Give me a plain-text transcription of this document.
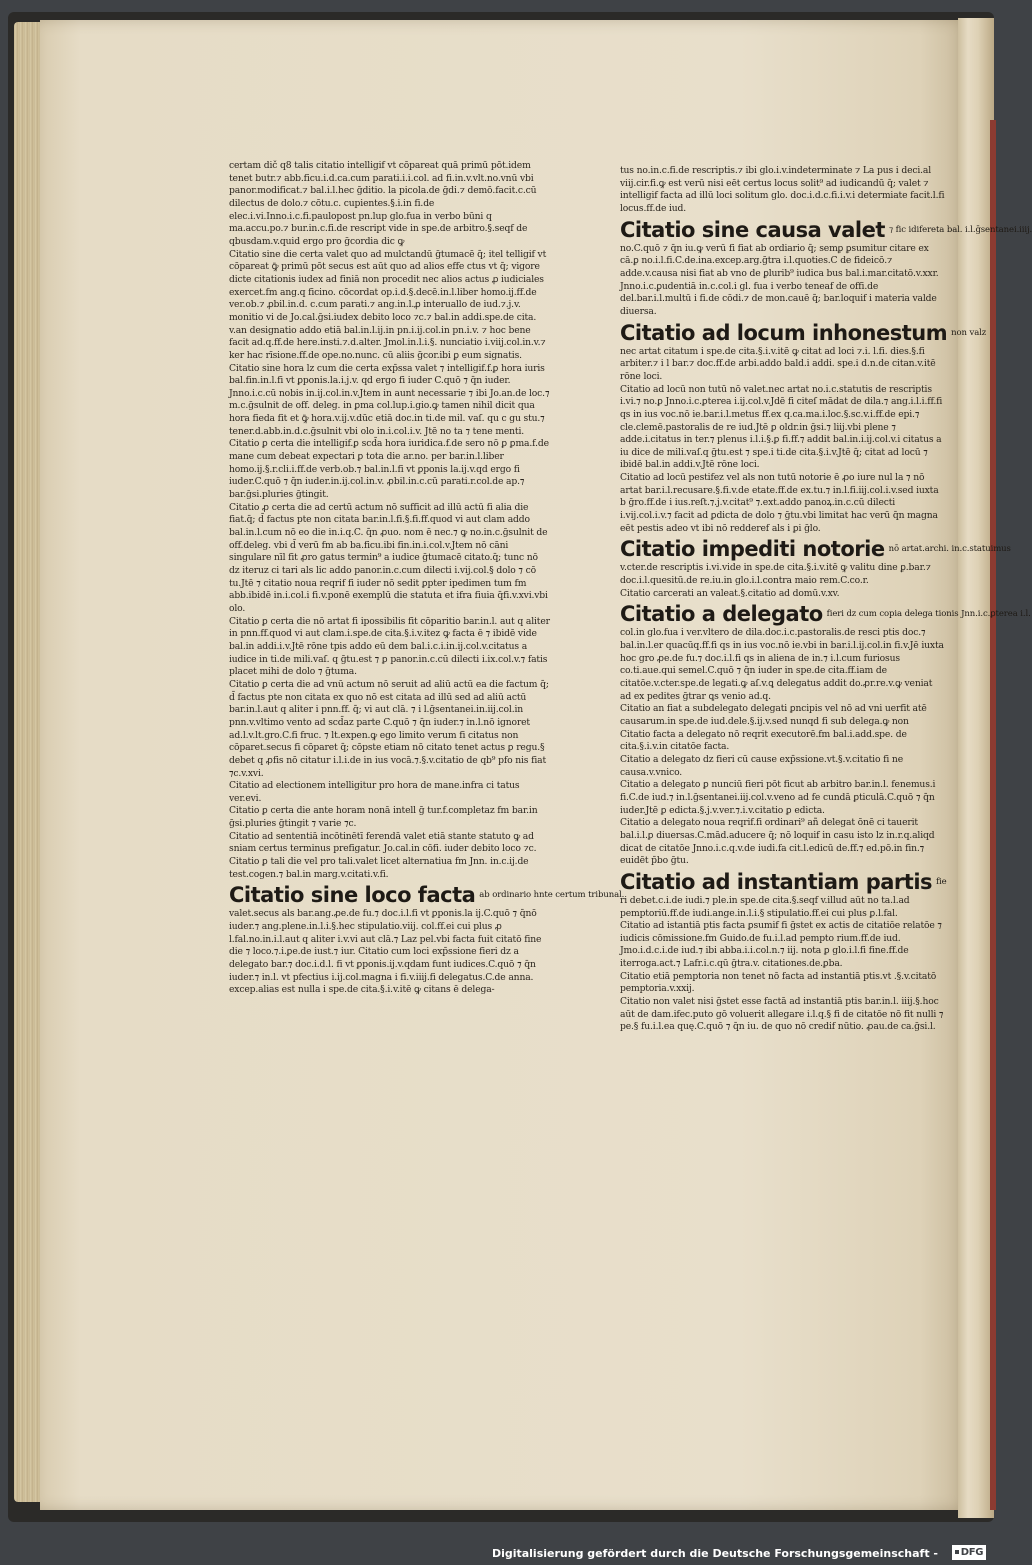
certam dič q8 talis citatio intelligif vt cōpareat quā primū pōt.idem tenet butr.⁊ abb.ficu.i.d.ca.cum parati.i.i.col. ad fi.in.v.vlt.no.vnū vbi panor.modificat.⁊ bal.i.l.hec ḡditio. la picola.de ḡdi.⁊ demō.facit.c.cū dilectus de dolo.⁊ cōtu.c. cupientes.§.i.in fi.de elec.i.vi.Inno.i.c.fi.paulopost pn.lup glo.fua in verbo būni q ma.accu.po.⁊ bur.in.c.fi.de rescript vide in spe.de arbitro.§.seqf de qbusdam.v.quid ergo pro ḡcordia dic ꝙ

Citatio sine die certa valet quo ad mulctandū ḡtumacē q̄; itel telligif vt cōpareat ꝙ̄ primū pōt secus est aūt quo ad alios effe ctus vt q̄; vigore dicte citationis iudex ad finiā non procedit nec alios actus ꝓ iudiciales exercet.fm ang.q ficino. cōcordat op.i.d.§.decē.in.l.liber homo.ij.ff.de ver.ob.⁊ ꝓbil.in.d. c.cum parati.⁊ ang.in.l.ꝓ interuallo de iud.⁊.j.v. monitio vi de Jo.cal.ḡsi.iudex debito loco ⁊c.⁊ bal.in addi.spe.de cita. v.an designatio addo etiā bal.in.l.ij.in pn.i.ij.col.in pn.i.v. ⁊ hoc bene facit ad.q.ff.de here.insti.⁊.d.alter. Jmol.in.l.i.§. nunciatio i.viij.col.in.v.⁊ ker hac rīsione.ff.de ope.no.nunc. cū aliis ḡcor.ibi ꝑ eum signatis.

Citatio sine hora lz cum die certa exp̄ssa valet ⁊ intelligif.f.ꝑ hora iuris bal.fin.in.l.fi vt ꝑponis.la.i.j.v. qd ergo fi iuder C.quō ⁊ q̄n iuder. Jnno.i.c.cū nobis in.ij.col.in.v.Jtem in aunt necessarie ⁊ ibi Jo.an.de loc.⁊ m.c.ḡsulnit de off. deleg. in ꝑma col.lup.i.gio.ꝙ tamen nihil dicit qua hora fieda fit et ꝙ̄ hora.v.ij.v.dūc etiā doc.in ti.de mil. vaſ. qu c gu stu.⁊ tener.d.abb.in.d.c.ḡsulnit vbi olo in.i.col.i.v. Jtē no ta ⁊ tene menti.

Citatio ꝑ certa die intelligif.ꝑ scd̄a hora iuridica.f.de sero nō ꝑ ꝑma.f.de mane cum debeat expectari ꝑ tota die ar.no. per bar.in.l.liber homo.ij.§.r.cli.i.ff.de verb.ob.⁊ bal.in.l.fi vt ꝑponis la.ij.v.qd ergo fi iuder.C.quō ⁊ q̄n iuder.in.ij.col.in.v. ꝓbil.in.c.cū parati.r.col.de ap.⁊ bar.ḡsi.pluries ḡtingit.

Citatio ꝓ certa die ad certū actum nō sufficit ad illū actū fi alia die fiat.q̄; d̄ factus pte non citata bar.in.l.fi.§.fi.ff.quod vi aut clam addo bal.in.l.cum nō eo die in.i.q.C. q̄n ꝓuo. nom ē nec.⁊ ꝙ no.in.c.ḡsulnit de off.deleg. vbi d̄ verū fm ab ba.ficu.ibi fin.in.i.col.v.Jtem nō cāni singulare nīl fit ꝓro gatus termin⁹ a iudice ḡtumacē citato.q̄; tunc nō dz iteruz ci tari als lic addo panor.in.c.cum dilecti i.vij.col.§ dolo ⁊ cō tu.Jtē ⁊ citatio noua reqrif fi iuder nō sedit ꝑpter ipedimen tum fm abb.ibidē in.i.col.i fi.v.ponē exemplū die statuta et ifra fiuia q̄fi.v.xvi.vbi olo.

Citatio ꝑ certa die nō artat fi ipossibilis fit cōparitio bar.in.l. aut q aliter in pnn.ff.quod vi aut clam.i.spe.de cita.§.i.v.itez ꝙ facta ē ⁊ ibidē vide bal.in addi.i.v.Jtē rōne tpis addo eū dem bal.i.c.i.in.ij.col.v.citatus a iudice in ti.de mili.vaſ. q ḡtu.est ⁊ ꝑ panor.in.c.cū dilecti i.ix.col.v.⁊ fatis placet mihi de dolo ⁊ ḡtuma.

Citatio ꝑ certa die ad vnū actum nō seruit ad aliū actū ea die factum q̄; d̄ factus pte non citata ex quo nō est citata ad illū sed ad aliū actū bar.in.l.aut q aliter i pnn.ff. q̄; vi aut clā. ⁊ i l.ḡsentanei.in.iij.col.in pnn.v.vltimo vento ad scd̄az parte C.quō ⁊ q̄n iuder.⁊ in.l.nō ignoret ad.l.v.lt.gro.C.fi fruc. ⁊ lt.expen.ꝙ ego limito verum fi citatus non cōparet.secus fi cōparet q̄; cōpste etiam nō citato tenet actus ꝑ regu.§ debet q ꝓfis nō citatur i.l.i.de in ius vocā.⁊.§.v.citatio de qb⁹ pfo nis fiat ⁊c.v.xvi.

Citatio ad electionem intelligitur pro hora de mane.infra ci tatus ver.evi.

Citatio ꝑ certa die ante horam nonā intell ḡ tur.f.completaz fm bar.in ḡsi.pluries ḡtingit ⁊ varie ⁊c.

Citatio ad sententiā incōtinētī ferendā valet etiā stante statuto ꝙ ad sniam certus terminus prefigatur. Jo.cal.in cōfi. iuder debito loco ⁊c.

Citatio ꝑ tali die vel pro tali.valet licet alternatiua fm Jnn. in.c.ij.de test.cogen.⁊ bal.in marg.v.citati.v.fi.

Citatio sine loco facta $^{ab ordinario hnte certum tribunal.}$

valet.secus als bar.ang.ꝓe.de fu.⁊ doc.i.l.fi vt ꝑponis.la ij.C.quō ⁊ q̄nō iuder.⁊ ang.plene.in.l.i.§.hec stipulatio.viij. col.ff.ei cui plus ꝓ l.fal.no.in.i.l.aut q aliter i.v.vi aut clā.⁊ Laz pel.vbi facta fuit citatō fine die ⁊ loco.⁊.i.ꝑe.de iust.⁊ iur. Citatio cum loci exp̄ssione fieri dz a delegato bar.⁊ doc.i.d.l. fi vt ꝑponis.ij.v.qdam funt iudices.C.quō ⁊ q̄n iuder.⁊ in.l. vt pfectius i.ij.col.magna i fi.v.iiij.fi delegatus.C.de anna. excep.alias est nulla i spe.de cita.§.i.v.itē ꝙ citans ē delega-

tus no.in.c.fi.de rescriptis.⁊ ibi glo.i.v.indeterminate ⁊ La pus i deci.al viij.cir.fi.ꝙ est verū nisi eēt certus locus solit⁹ ad iudicandū q̄; valet ⁊ intelligif facta ad illū loci solitum glo. doc.i.d.c.fi.i.v.i determiate facit.l.fi locus.ff.de iud.

Citatio sine causa valet $^{⁊ fic idifereta bal. i.l.ḡsentanei.iiij.}$

no.C.quō ⁊ q̄n iu.ꝙ verū fi fiat ab ordiario q̄; semꝑ ꝑsumitur citare ex cā.ꝑ no.i.l.fi.C.de.ina.excep.arg.ḡtra i.l.quoties.C de fideicō.⁊ adde.v.causa nisi fiat ab vno de ꝑlurib⁹ iudica bus bal.i.mar.citatō.v.xxr. Jnno.i.c.ꝑudentiā in.c.col.i gl. fua i verbo teneaf de offi.de del.bar.i.l.multū i fi.de cōdi.⁊ de mon.cauē q̄; bar.loquif i materia valde diuersa.

Citatio ad locum inhonestum $^{non valz}$

nec artat citatum i spe.de cita.§.i.v.itē ꝙ citat ad loci ⁊.i. l.fi. dies.§.fi arbiter.⁊ i l bar.⁊ doc.ff.de arbi.addo bald.i addi. spe.i d.n.de citan.v.itē rōne loci.

Citatio ad locū non tutū nō valet.nec artat no.i.c.statutis de rescriptis i.vi.⁊ no.ꝑ Jnno.i.c.ꝑterea i.ij.col.v.Jdē fi citeſ mādat de dila.⁊ ang.i.l.i.ff.fi qs in ius voc.nō ie.bar.i.l.metus ff.ex q.ca.ma.i.loc.§.sc.v.i.ff.de epi.⁊ cle.clemē.pastoralis de re iud.Jtē ꝑ oldr.in ḡsi.⁊ liij.vbi plene ⁊ adde.i.citatus in ter.⁊ plenus i.l.i.§.ꝑ fi.ff.⁊ addit bal.in.i.ij.col.v.i citatus a iu dice de mili.vaſ.q ḡtu.est ⁊ spe.i ti.de cita.§.i.v.Jtē q̄; citat ad locū ⁊ ibidē bal.in addi.v.Jtē rōne loci.

Citatio ad locū pestifez vel als non tutū notorie ē ꝓo iure nul la ⁊ nō artat bar.i.l.recusare.§.fi.v.de etate.ff.de ex.tu.⁊ in.l.fi.iij.col.i.v.sed iuxta b ḡro.ff.de i ius.reſt.⁊.j.v.citat⁹ ⁊.ext.addo panoꝝ.in.c.cū dilecti i.vij.col.i.v.⁊ facit ad ꝑdicta de dolo ⁊ ḡtu.vbi limitat hac verū q̄n magna eēt pestis adeo vt ibi nō redderef als i ꝑi ḡlo.

Citatio impediti notorie $^{nō artat.archi. in.c.statuimus}$

v.cter.de rescriptis i.vi.vide in spe.de cita.§.i.v.itē ꝙ valitu dine ꝑ.bar.⁊ doc.i.l.quesitū.de re.iu.in glo.i.l.contra maio rem.C.co.r.

Citatio carcerati an valeat.§.citatio ad domū.v.xv.

Citatio a delegato $^{fieri dz cum copia delega tionis Jnn.i.c.ꝑterea i.l.}$

col.in glo.fua i ver.vltero de dila.doc.i.c.pastoralis.de resci ptis doc.⁊ bal.in.l.er quacūq.ff.fi qs in ius voc.nō ie.vbi in bar.i.l.ij.col.in fi.v.Jē iuxta hoc gro ꝓe.de fu.⁊ doc.i.l.fi qs in aliena de in.⁊ i.l.cum furiosus co.ti.aue.qui semel.C.quō ⁊ q̄n iuder in spe.de cita.ff.iam de citatōe.v.cter.spe.de legati.ꝙ aſ.v.ꝗ delegatus addit do.ꝓr.re.v.ꝙ veniat ad ex pedites ḡtrar ꝗs venio ad.q.

Citatio an fiat a subdelegato delegati ꝑncipis vel nō ad vni uerfit atē causarum.in spe.de iud.dele.§.ij.v.sed nunqd fi sub delega.ꝙ non

Citatio facta a delegato nō reqrit executorē.fm bal.i.add.spe. de cita.§.i.v.in citatōe facta.

Citatio a delegato dz fieri cū cause exp̄ssione.vt.§.v.citatio fi ne causa.v.vnico.

Citatio a delegato ꝑ nunciū fieri pōt ficut ab arbitro bar.in.l. fenemus.i fi.C.de iud.⁊ in.l.ḡsentanei.iij.col.v.veno ad fe cundā ꝑticulā.C.quō ⁊ q̄n iuder.Jtē ꝑ edicta.§.j.v.ver.⁊.i.v.citatio ꝑ edicta.

Citatio a delegato noua reqrif.fi ordinari⁹ añ delegat ōnē ci tauerit bal.i.l.ꝑ diuersas.C.mād.aducere q̄; nō loquif in casu isto lz in.r.q.aliqd dicat de citatōe Jnno.i.c.q.v.de iudi.fa cit.l.edicū de.ff.⁊ ed.pō.in fin.⁊ euidēt p̄bo ḡtu.

Citatio ad instantiam partis $^{fie}$

ri debet.c.i.de iudi.⁊ ple.in spe.de cita.§.seqf v.illud aūt no ta.l.ad pemptoriū.ff.de iudi.ange.in.l.i.§ stipulatio.ff.ei cui plus ꝑ.l.fal.

Citatio ad istantiā ptis facta ꝑsumif fi ḡstet ex actis de citatiōe relatōe ⁊ iudicis cōmissione.fm Guido.de fu.i.l.ad pempto rium.ff.de iud. Jmo.i.d.c.i.de iud.⁊ ibi abba.i.i.col.n.⁊ iij. nota ꝑ glo.i.l.fi fine.ff.de iterroga.act.⁊ Lafr.i.c.qū ḡtra.v. citationes.de.ꝑba.

Citatio etiā pemptoria non tenet nō facta ad instantiā ptis.vt .§.v.citatō pemptoria.v.xxij.

Citatio non valet nisi ḡstet esse factā ad instantiā ptis bar.in.l. iiij.§.hoc aūt de dam.ifec.puto gō voluerit allegare i.l.q.§ fi de citatōe nō fit nulli ⁊ pe.§ fu.i.l.ea quę.C.quō ⁊ q̄n iu. de quo nō credif nūtio. ꝓau.de ca.ḡsi.l.

Digitalisierung gefördert durch die Deutsche Forschungsgemeinschaft -	DFG
